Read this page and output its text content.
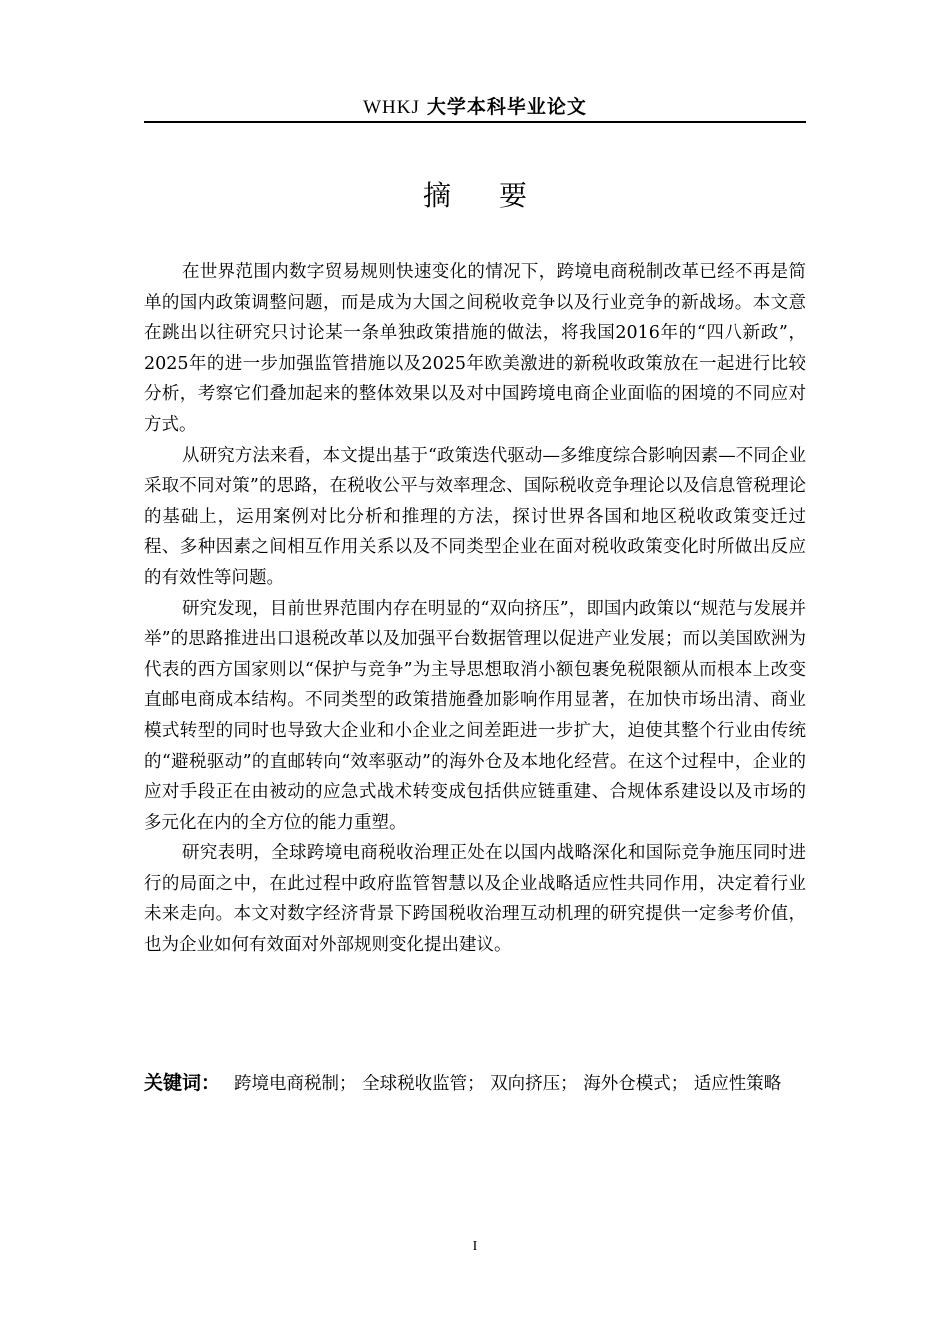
WHKJ 大学本科毕业论文
摘要

在世界范围内数字贸易规则快速变化的情况下，跨境电商税制改革已经不再是简单的国内政策调整问题，而是成为大国之间税收竞争以及行业竞争的新战场。本文意在跳出以往研究只讨论某一条单独政策措施的做法，将我国2016年的“四八新政”，2025年的进一步加强监管措施以及2025年欧美激进的新税收政策放在一起进行比较分析，考察它们叠加起来的整体效果以及对中国跨境电商企业面临的困境的不同应对方式。

从研究方法来看，本文提出基于“政策迭代驱动—多维度综合影响因素—不同企业采取不同对策”的思路，在税收公平与效率理念、国际税收竞争理论以及信息管税理论的基础上，运用案例对比分析和推理的方法，探讨世界各国和地区税收政策变迁过程、多种因素之间相互作用关系以及不同类型企业在面对税收政策变化时所做出反应的有效性等问题。

研究发现，目前世界范围内存在明显的“双向挤压”，即国内政策以“规范与发展并举”的思路推进出口退税改革以及加强平台数据管理以促进产业发展；而以美国欧洲为代表的西方国家则以“保护与竞争”为主导思想取消小额包裹免税限额从而根本上改变直邮电商成本结构。不同类型的政策措施叠加影响作用显著，在加快市场出清、商业模式转型的同时也导致大企业和小企业之间差距进一步扩大，迫使其整个行业由传统的“避税驱动”的直邮转向“效率驱动”的海外仓及本地化经营。在这个过程中，企业的应对手段正在由被动的应急式战术转变成包括供应链重建、合规体系建设以及市场的多元化在内的全方位的能力重塑。

研究表明，全球跨境电商税收治理正处在以国内战略深化和国际竞争施压同时进行的局面之中，在此过程中政府监管智慧以及企业战略适应性共同作用，决定着行业未来走向。本文对数字经济背景下跨国税收治理互动机理的研究提供一定参考价值，也为企业如何有效面对外部规则变化提出建议。

关键词： 跨境电商税制； 全球税收监管； 双向挤压； 海外仓模式； 适应性策略
I
